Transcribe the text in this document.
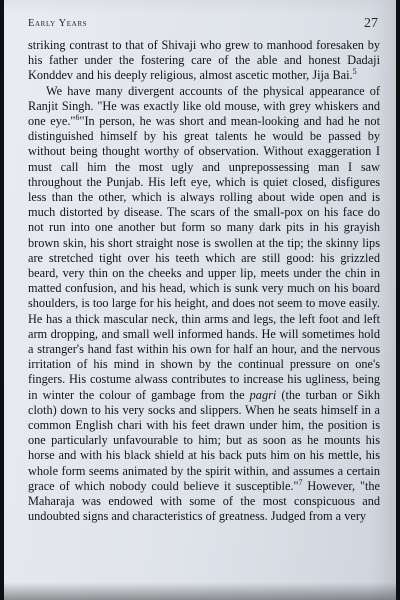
Early Years	27

striking contrast to that of Shivaji who grew to manhood foresaken by his father under the fostering care of the able and honest Dadaji Konddev and his deeply religious, almost ascetic mother, Jija Bai.$^5$

We have many divergent accounts of the physical appearance of Ranjit Singh. "He was exactly like old mouse, with grey whiskers and one eye."$^6$"In person, he was short and mean-looking and had he not distinguished himself by his great talents he would be passed by without being thought worthy of observation. Without exaggeration I must call him the most ugly and unprepossessing man I saw throughout the Punjab. His left eye, which is quiet closed, disfigures less than the other, which is always rolling about wide open and is much distorted by disease. The scars of the small-pox on his face do not run into one another but form so many dark pits in his grayish brown skin, his short straight nose is swollen at the tip; the skinny lips are stretched tight over his teeth which are still good: his grizzled beard, very thin on the cheeks and upper lip, meets under the chin in matted confusion, and his head, which is sunk very much on his board shoulders, is too large for his height, and does not seem to move easily. He has a thick mascular neck, thin arms and legs, the left foot and left arm dropping, and small well informed hands. He will sometimes hold a stranger's hand fast within his own for half an hour, and the nervous irritation of his mind in shown by the continual pressure on one's fingers. His costume alwass contributes to increase his ugliness, being in winter the colour of gambage from the pagri (the turban or Sikh cloth) down to his very socks and slippers. When he seats himself in a common English chari with his feet drawn under him, the position is one particularly unfavourable to him; but as soon as he mounts his horse and with his black shield at his back puts him on his mettle, his whole form seems animated by the spirit within, and assumes a certain grace of which nobody could believe it susceptible."$^7$ However, "the Maharaja was endowed with some of the most conspicuous and undoubted signs and characteristics of greatness. Judged from a very
